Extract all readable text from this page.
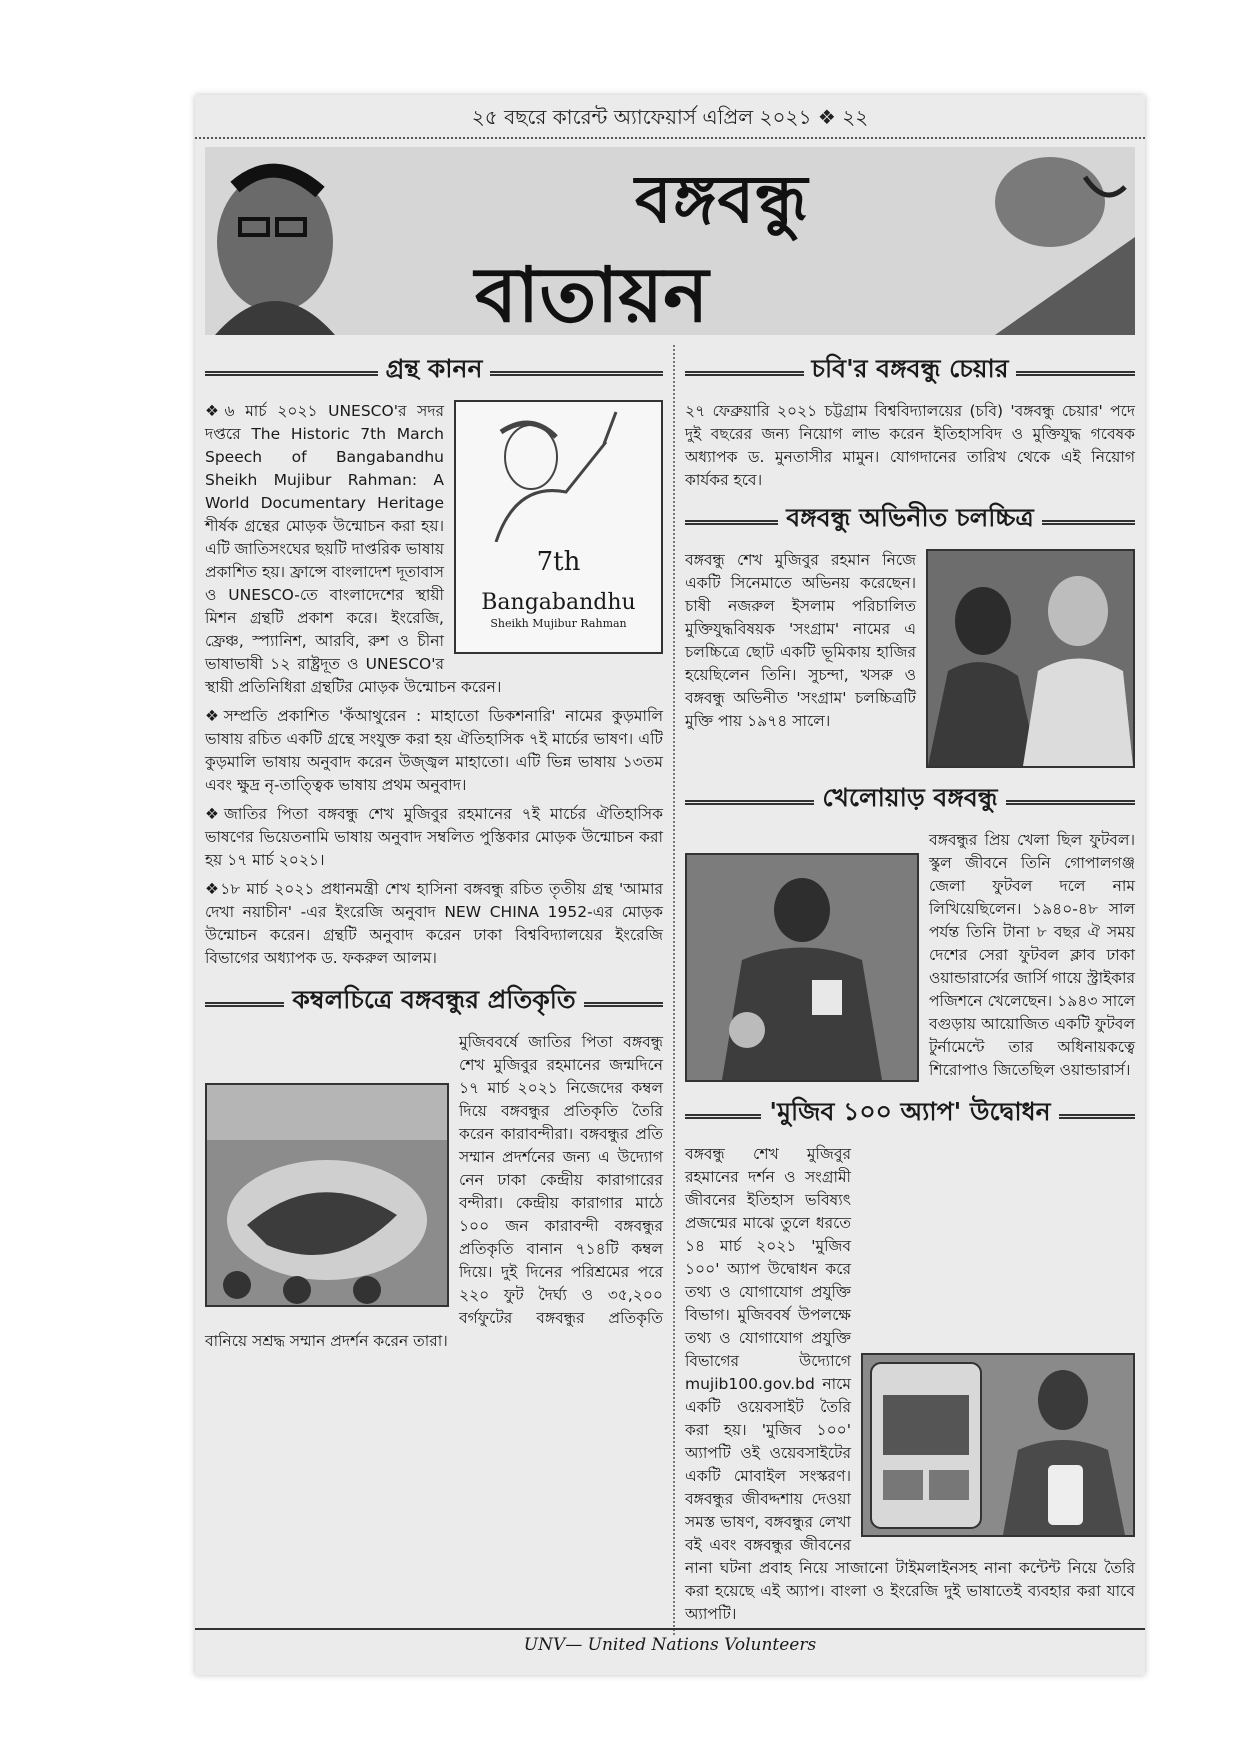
২৫ বছরে কারেন্ট অ্যাফেয়ার্স এপ্রিল ২০২১ ❖ ২২
বঙ্গবন্ধু
বাতায়ন
গ্রন্থ কানন
7th
Bangabandhu
Sheikh Mujibur Rahman

❖ ৬ মার্চ ২০২১ UNESCO'র সদর দপ্তরে The Historic 7th March Speech of Bangabandhu Sheikh Mujibur Rahman: A World Documentary Heritage শীর্ষক গ্রন্থের মোড়ক উন্মোচন করা হয়। এটি জাতিসংঘের ছয়টি দাপ্তরিক ভাষায় প্রকাশিত হয়। ফ্রান্সে বাংলাদেশ দূতাবাস ও UNESCO-তে বাংলাদেশের স্থায়ী মিশন গ্রন্থটি প্রকাশ করে। ইংরেজি, ফ্রেঞ্চ, স্প্যানিশ, আরবি, রুশ ও চীনা ভাষাভাষী ১২ রাষ্ট্রদূত ও UNESCO'র স্থায়ী প্রতিনিধিরা গ্রন্থটির মোড়ক উন্মোচন করেন।

❖ সম্প্রতি প্রকাশিত 'কঁআথুরেন : মাহাতো ডিকশনারি' নামের কুড়মালি ভাষায় রচিত একটি গ্রন্থে সংযুক্ত করা হয় ঐতিহাসিক ৭ই মার্চের ভাষণ। এটি কুড়মালি ভাষায় অনুবাদ করেন উজ্জ্বল মাহাতো। এটি ভিন্ন ভাষায় ১৩তম এবং ক্ষুদ্র নৃ-তাত্ত্বিক ভাষায় প্রথম অনুবাদ।

❖ জাতির পিতা বঙ্গবন্ধু শেখ মুজিবুর রহমানের ৭ই মার্চের ঐতিহাসিক ভাষণের ভিয়েতনামি ভাষায় অনুবাদ সম্বলিত পুস্তিকার মোড়ক উন্মোচন করা হয় ১৭ মার্চ ২০২১।

❖ ১৮ মার্চ ২০২১ প্রধানমন্ত্রী শেখ হাসিনা বঙ্গবন্ধু রচিত তৃতীয় গ্রন্থ 'আমার দেখা নয়াচীন' -এর ইংরেজি অনুবাদ NEW CHINA 1952-এর মোড়ক উন্মোচন করেন। গ্রন্থটি অনুবাদ করেন ঢাকা বিশ্ববিদ্যালয়ের ইংরেজি বিভাগের অধ্যাপক ড. ফকরুল আলম।

কম্বলচিত্রে বঙ্গবন্ধুর প্রতিকৃতি

মুজিববর্ষে জাতির পিতা বঙ্গবন্ধু শেখ মুজিবুর রহমানের জন্মদিনে ১৭ মার্চ ২০২১ নিজেদের কম্বল দিয়ে বঙ্গবন্ধুর প্রতিকৃতি তৈরি করেন কারাবন্দীরা। বঙ্গবন্ধুর প্রতি সম্মান প্রদর্শনের জন্য এ উদ্যোগ নেন ঢাকা কেন্দ্রীয় কারাগারের বন্দীরা। কেন্দ্রীয় কারাগার মাঠে ১০০ জন কারাবন্দী বঙ্গবন্ধুর প্রতিকৃতি বানান ৭১৪টি কম্বল দিয়ে। দুই দিনের পরিশ্রমের পরে ২২০ ফুট দৈর্ঘ্য ও ৩৫,২০০ বর্গফুটের বঙ্গবন্ধুর প্রতিকৃতি বানিয়ে সশ্রদ্ধ সম্মান প্রদর্শন করেন তারা।

চবি'র বঙ্গবন্ধু চেয়ার

২৭ ফেব্রুয়ারি ২০২১ চট্টগ্রাম বিশ্ববিদ্যালয়ের (চবি) 'বঙ্গবন্ধু চেয়ার' পদে দুই বছরের জন্য নিয়োগ লাভ করেন ইতিহাসবিদ ও মুক্তিযুদ্ধ গবেষক অধ্যাপক ড. মুনতাসীর মামুন। যোগদানের তারিখ থেকে এই নিয়োগ কার্যকর হবে।

বঙ্গবন্ধু অভিনীত চলচ্চিত্র

বঙ্গবন্ধু শেখ মুজিবুর রহমান নিজে একটি সিনেমাতে অভিনয় করেছেন। চাষী নজরুল ইসলাম পরিচালিত মুক্তিযুদ্ধবিষয়ক 'সংগ্রাম' নামের এ চলচ্চিত্রে ছোট একটি ভূমিকায় হাজির হয়েছিলেন তিনি। সুচন্দা, খসরু ও বঙ্গবন্ধু অভিনীত 'সংগ্রাম' চলচ্চিত্রটি মুক্তি পায় ১৯৭৪ সালে।

খেলোয়াড় বঙ্গবন্ধু

বঙ্গবন্ধুর প্রিয় খেলা ছিল ফুটবল। স্কুল জীবনে তিনি গোপালগঞ্জ জেলা ফুটবল দলে নাম লিখিয়েছিলেন। ১৯৪০-৪৮ সাল পর্যন্ত তিনি টানা ৮ বছর ঐ সময় দেশের সেরা ফুটবল ক্লাব ঢাকা ওয়ান্ডারার্সের জার্সি গায়ে স্ট্রাইকার পজিশনে খেলেছেন। ১৯৪৩ সালে বগুড়ায় আয়োজিত একটি ফুটবল টুর্নামেন্টে তার অধিনায়কত্বে শিরোপাও জিতেছিল ওয়ান্ডারার্স।

'মুজিব ১০০ অ্যাপ' উদ্বোধন

বঙ্গবন্ধু শেখ মুজিবুর রহমানের দর্শন ও সংগ্রামী জীবনের ইতিহাস ভবিষ্যৎ প্রজন্মের মাঝে তুলে ধরতে ১৪ মার্চ ২০২১ 'মুজিব ১০০' অ্যাপ উদ্বোধন করে তথ্য ও যোগাযোগ প্রযুক্তি বিভাগ। মুজিববর্ষ উপলক্ষে তথ্য ও যোগাযোগ প্রযুক্তি বিভাগের উদ্যোগে mujib100.gov.bd নামে একটি ওয়েবসাইট তৈরি করা হয়। 'মুজিব ১০০' অ্যাপটি ওই ওয়েবসাইটের একটি মোবাইল সংস্করণ। বঙ্গবন্ধুর জীবদ্দশায় দেওয়া সমস্ত ভাষণ, বঙ্গবন্ধুর লেখা বই এবং বঙ্গবন্ধুর জীবনের নানা ঘটনা প্রবাহ নিয়ে সাজানো টাইমলাইনসহ নানা কন্টেন্ট নিয়ে তৈরি করা হয়েছে এই অ্যাপ। বাংলা ও ইংরেজি দুই ভাষাতেই ব্যবহার করা যাবে অ্যাপটি।

UNV— United Nations Volunteers
